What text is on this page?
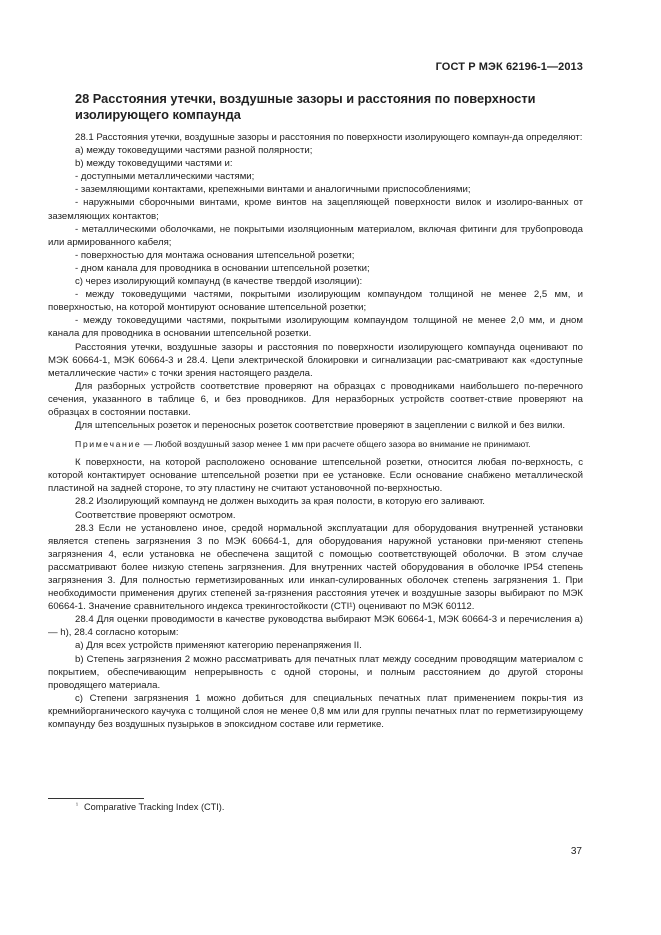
ГОСТ Р МЭК 62196-1—2013
28 Расстояния утечки, воздушные зазоры и расстояния по поверхности
изолирующего компаунда

28.1 Расстояния утечки, воздушные зазоры и расстояния по поверхности изолирующего компаун-да определяют:

a) между токоведущими частями разной полярности;

b) между токоведущими частями и:

- доступными металлическими частями;

- заземляющими контактами, крепежными винтами и аналогичными приспособлениями;

- наружными сборочными винтами, кроме винтов на зацепляющей поверхности вилок и изолиро-ванных от заземляющих контактов;

- металлическими оболочками, не покрытыми изоляционным материалом, включая фитинги для трубопровода или армированного кабеля;

- поверхностью для монтажа основания штепсельной розетки;

- дном канала для проводника в основании штепсельной розетки;

c) через изолирующий компаунд (в качестве твердой изоляции):

- между токоведущими частями, покрытыми изолирующим компаундом толщиной не менее 2,5 мм, и поверхностью, на которой монтируют основание штепсельной розетки;

- между токоведущими частями, покрытыми изолирующим компаундом толщиной не менее 2,0 мм, и дном канала для проводника в основании штепсельной розетки.

Расстояния утечки, воздушные зазоры и расстояния по поверхности изолирующего компаунда оценивают по МЭК 60664-1, МЭК 60664-3 и 28.4. Цепи электрической блокировки и сигнализации рас-сматривают как «доступные металлические части» с точки зрения настоящего раздела.

Для разборных устройств соответствие проверяют на образцах с проводниками наибольшего по-перечного сечения, указанного в таблице 6, и без проводников. Для неразборных устройств соответ-ствие проверяют на образцах в состоянии поставки.

Для штепсельных розеток и переносных розеток соответствие проверяют в зацеплении с вилкой и без вилки.

Примечание — Любой воздушный зазор менее 1 мм при расчете общего зазора во внимание не принимают.

К поверхности, на которой расположено основание штепсельной розетки, относится любая по-верхность, с которой контактирует основание штепсельной розетки при ее установке. Если основание снабжено металлической пластиной на задней стороне, то эту пластину не считают установочной по-верхностью.

28.2 Изолирующий компаунд не должен выходить за края полости, в которую его заливают.

Соответствие проверяют осмотром.

28.3 Если не установлено иное, средой нормальной эксплуатации для оборудования внутренней установки является степень загрязнения 3 по МЭК 60664-1, для оборудования наружной установки при-меняют степень загрязнения 4, если установка не обеспечена защитой с помощью соответствующей оболочки. В этом случае рассматривают более низкую степень загрязнения. Для внутренних частей оборудования в оболочке IP54 степень загрязнения 3. Для полностью герметизированных или инкап-сулированных оболочек степень загрязнения 1. При необходимости применения других степеней за-грязнения расстояния утечек и воздушные зазоры выбирают по МЭК 60664-1. Значение сравнительного индекса трекингостойкости (CTI¹) оценивают по МЭК 60112.

28.4 Для оценки проводимости в качестве руководства выбирают МЭК 60664-1, МЭК 60664-3 и перечисления a) — h), 28.4 согласно которым:

a) Для всех устройств применяют категорию перенапряжения II.

b) Степень загрязнения 2 можно рассматривать для печатных плат между соседним проводящим материалом с покрытием, обеспечивающим непрерывность с одной стороны, и полным расстоянием до другой стороны проводящего материала.

c) Степени загрязнения 1 можно добиться для специальных печатных плат применением покры-тия из кремнийорганического каучука с толщиной слоя не менее 0,8 мм или для группы печатных плат по герметизирующему компаунду без воздушных пузырьков в эпоксидном составе или герметике.

$^{^1}$ Comparative Tracking Index (CTI).
37
